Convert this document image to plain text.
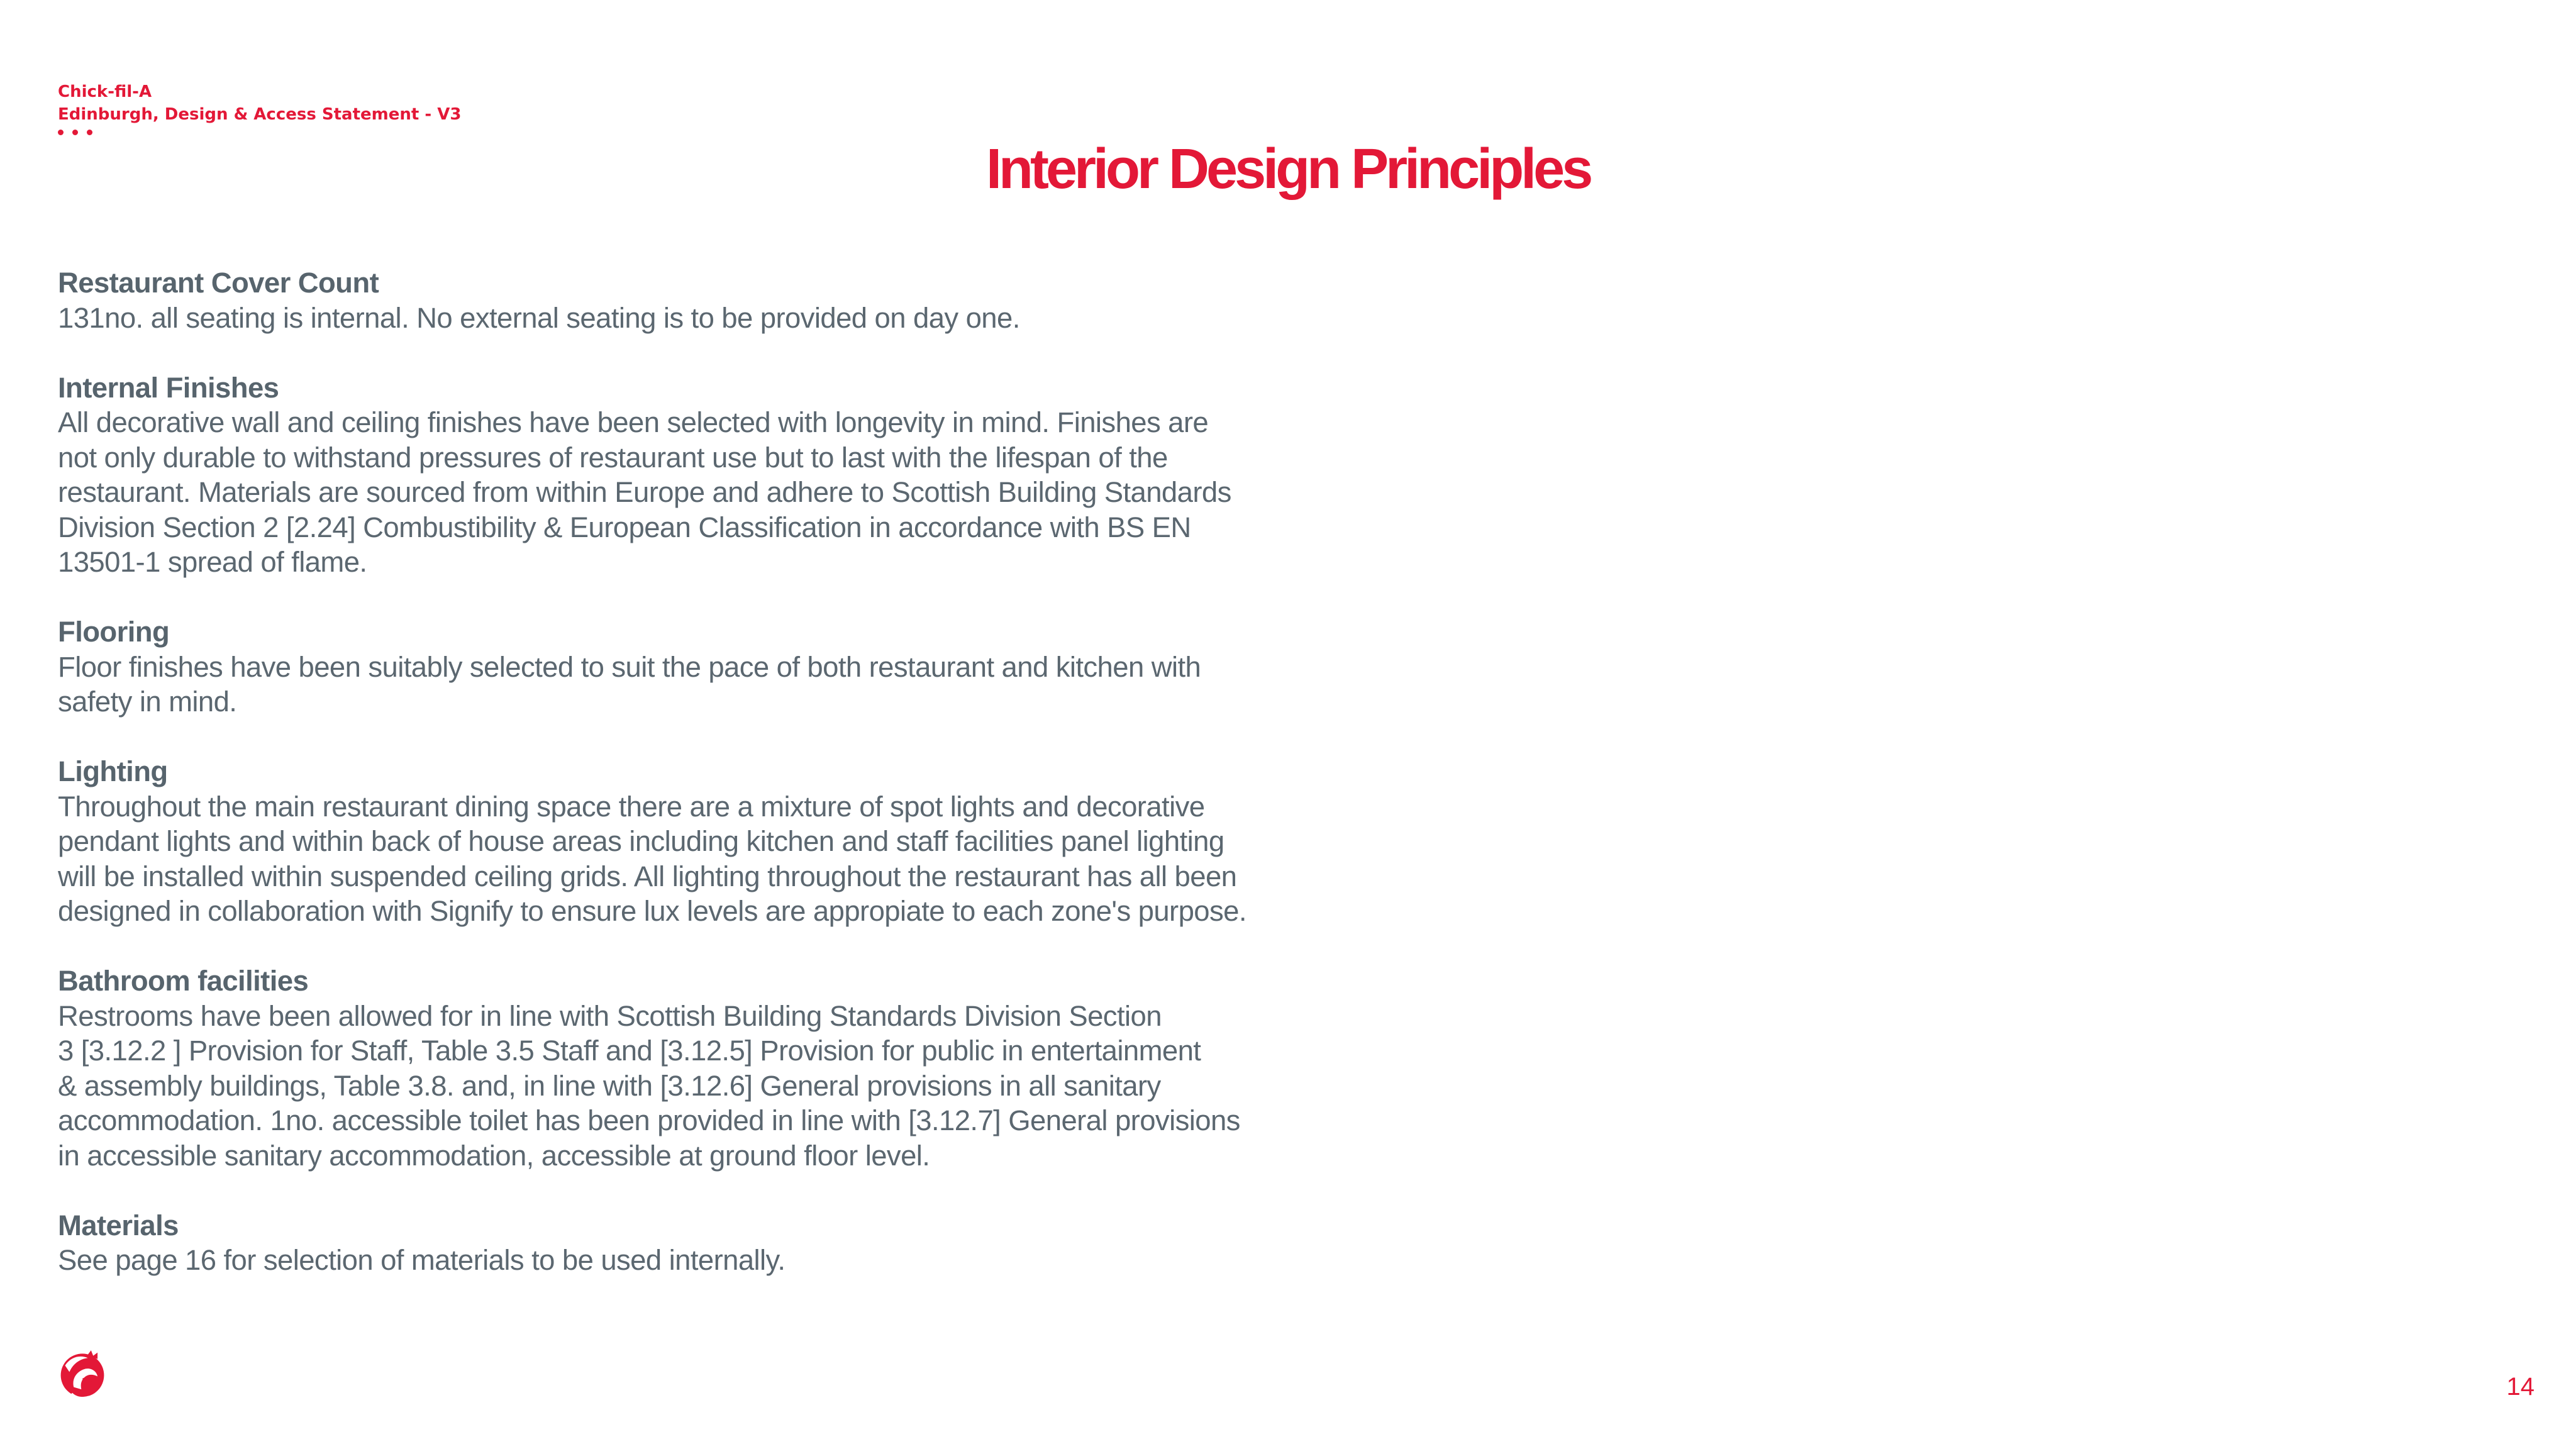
Chick-fil-A
Edinburgh, Design & Access Statement - V3
Interior Design Principles
Restaurant Cover Count
131no. all seating is internal. No external seating is to be provided on day one.
Internal Finishes
All decorative wall and ceiling finishes have been selected with longevity in mind. Finishes are
not only durable to withstand pressures of restaurant use but to last with the lifespan of the
restaurant. Materials are sourced from within Europe and adhere to Scottish Building Standards
Division Section 2 [2.24] Combustibility & European Classification in accordance with BS EN
13501-1 spread of flame.
Flooring
Floor finishes have been suitably selected to suit the pace of both restaurant and kitchen with
safety in mind.
Lighting
Throughout the main restaurant dining space there are a mixture of spot lights and decorative
pendant lights and within back of house areas including kitchen and staff facilities panel lighting
will be installed within suspended ceiling grids. All lighting throughout the restaurant has all been
designed in collaboration with Signify to ensure lux levels are appropiate to each zone's purpose.
Bathroom facilities
Restrooms have been allowed for in line with Scottish Building Standards Division Section
3 [3.12.2 ] Provision for Staff, Table 3.5 Staff and [3.12.5] Provision for public in entertainment
& assembly buildings, Table 3.8. and, in line with [3.12.6] General provisions in all sanitary
accommodation. 1no. accessible toilet has been provided in line with [3.12.7] General provisions
in accessible sanitary accommodation, accessible at ground floor level.
Materials
See page 16 for selection of materials to be used internally.
14
